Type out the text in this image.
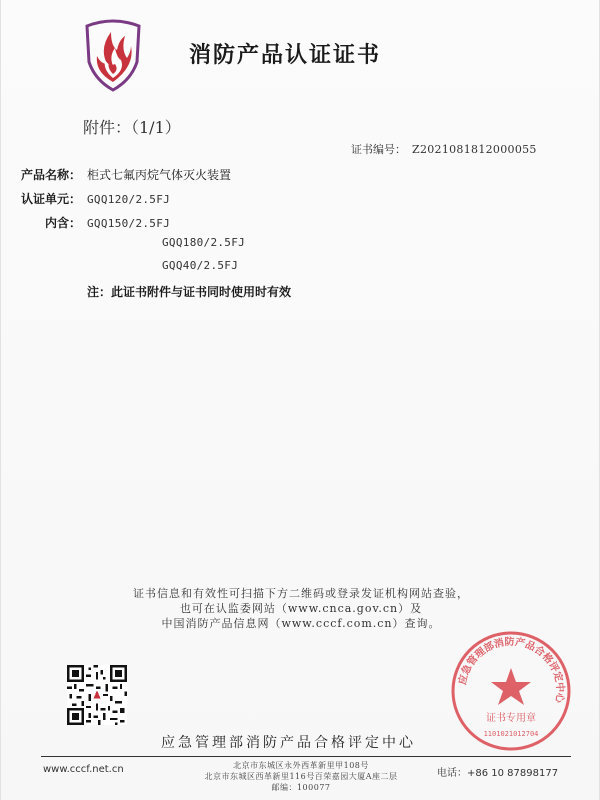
消防产品认证证书
附件：（1/1）
证书编号： Z2021081812000055
产品名称： 柜式七氟丙烷气体灭火装置
认证单元： GQQ120/2.5FJ
内含： GQQ150/2.5FJ
GQQ180/2.5FJ
GQQ40/2.5FJ
注：此证书附件与证书同时使用时有效
证书信息和有效性可扫描下方二维码或登录发证机构网站查验，
也可在认监委网站（www.cnca.gov.cn）及
中国消防产品信息网（www.cccf.com.cn）查询。
应急管理部消防产品合格评定中心
证书专用章
1101021012704
应急管理部消防产品合格评定中心
www.cccf.net.cn	北京市东城区永外西革新里甲108号
北京市东城区西革新里116号百荣嘉园大厦A座二层
邮编：100077
电话：+86 10 87898177
